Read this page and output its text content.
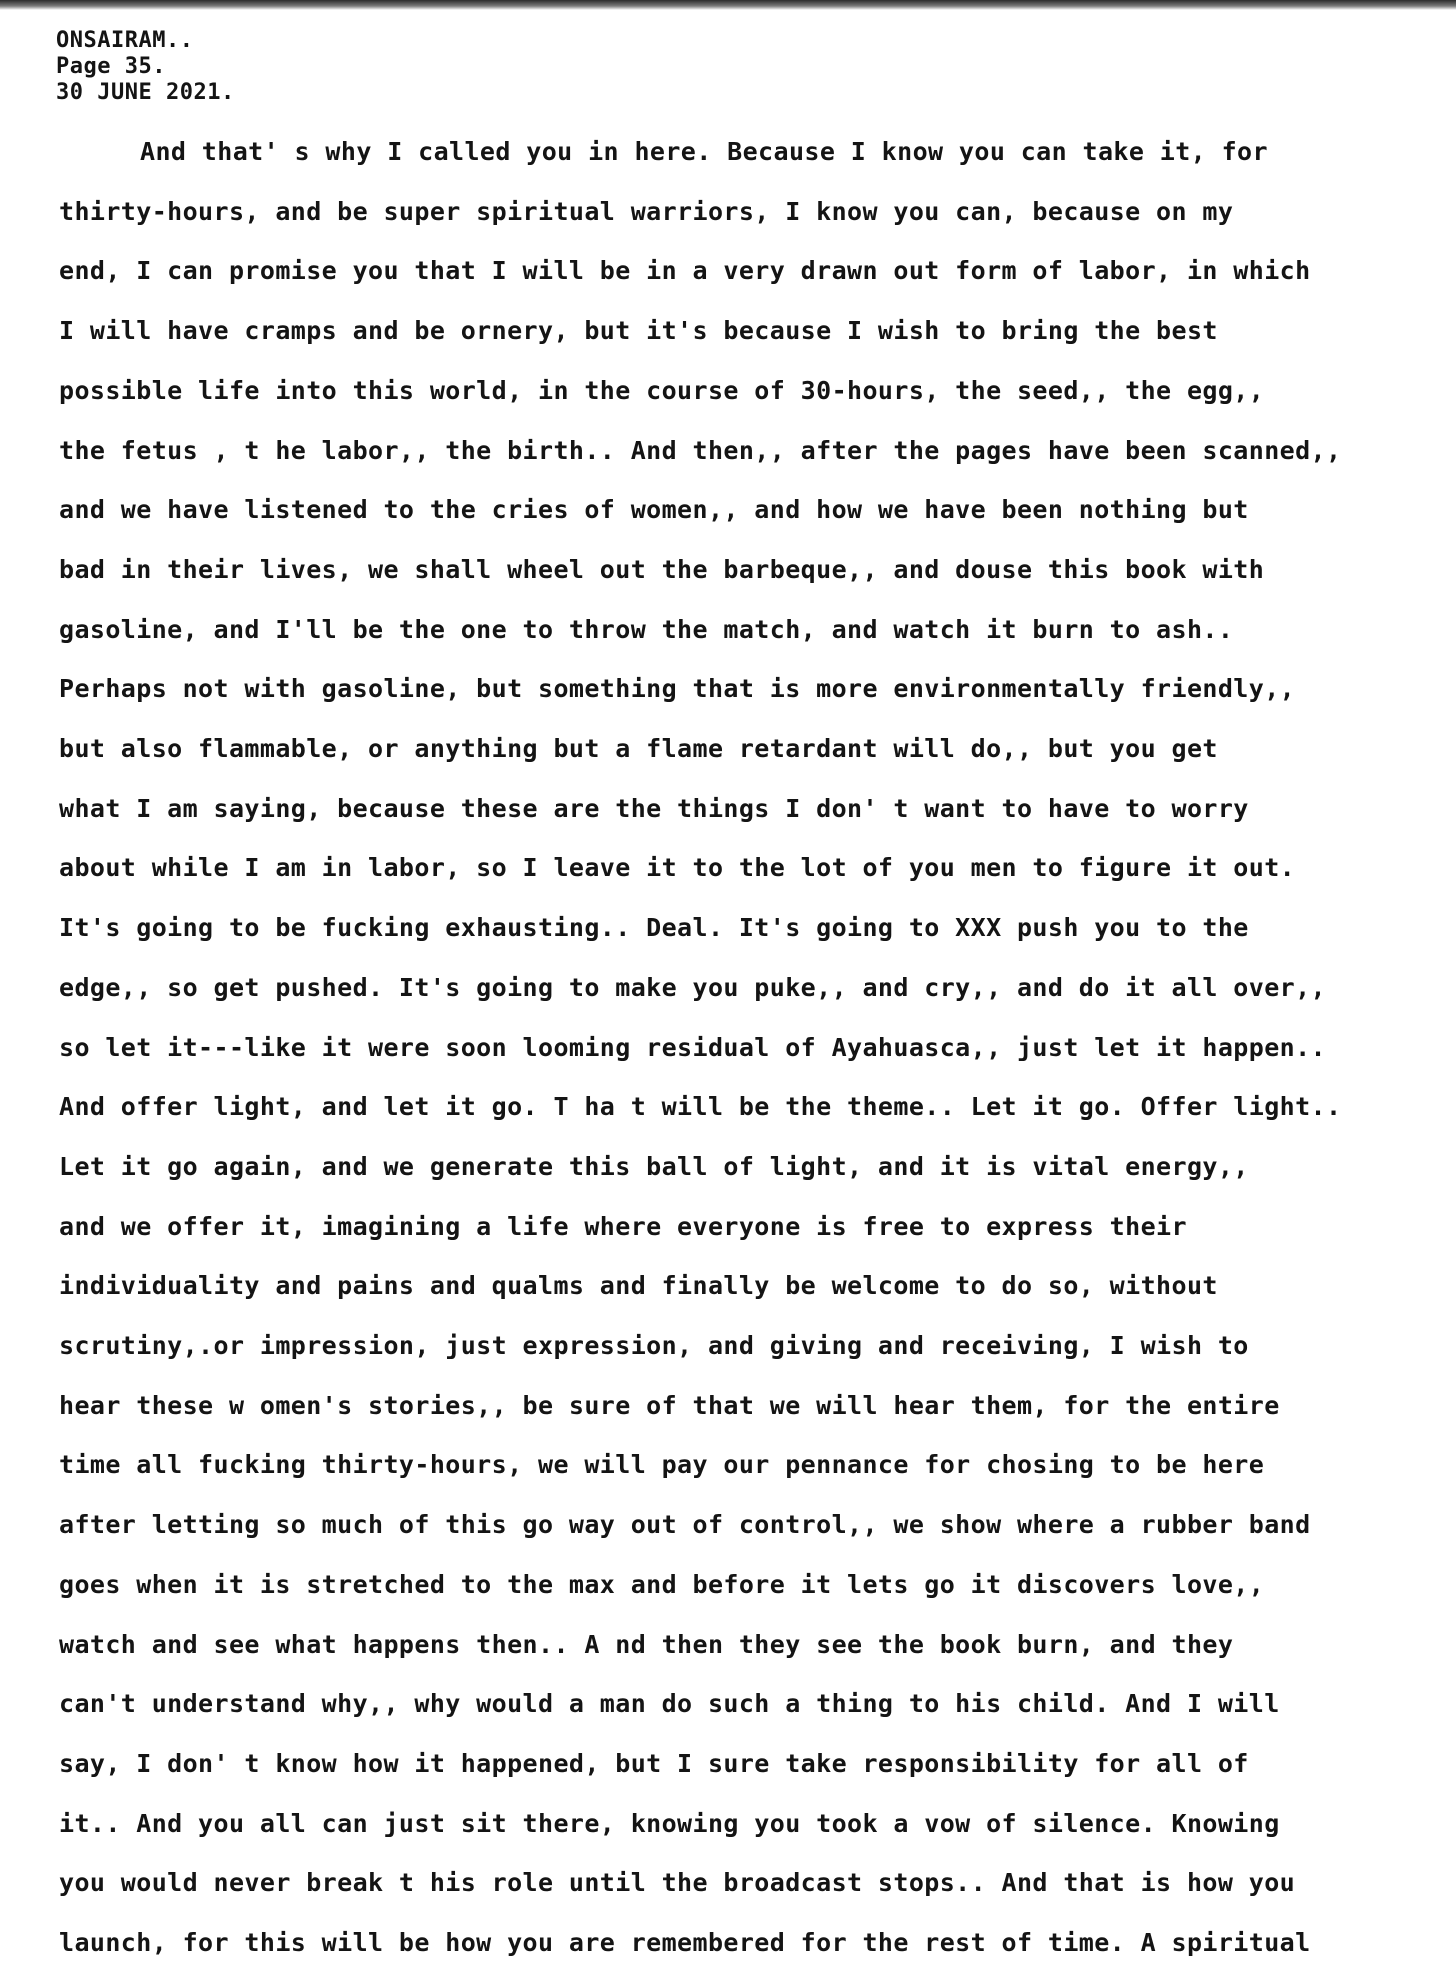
ONSAIRAM..
Page 35.
30 JUNE 2021.
And that' s why I called you in here. Because I know you can take it, for
thirty-hours, and be super spiritual warriors, I know you can, because on my
end, I can promise you that I will be in a very drawn out form of labor, in which
I will have cramps and be ornery, but it's because I wish to bring the best
possible life into this world, in the course of 30-hours, the seed,, the egg,,
the fetus , t he labor,, the birth.. And then,, after the pages have been scanned,,
and we have listened to the cries of women,, and how we have been nothing but
bad in their lives, we shall wheel out the barbeque,, and douse this book with
gasoline, and I'll be the one to throw the match, and watch it burn to ash..
Perhaps not with gasoline, but something that is more environmentally friendly,,
but also flammable, or anything but a flame retardant will do,, but you get
what I am saying, because these are the things I don' t want to have to worry
about while I am in labor, so I leave it to the lot of you men to figure it out.
It's going to be fucking exhausting.. Deal. It's going to XXX push you to the
edge,, so get pushed. It's going to make you puke,, and cry,, and do it all over,,
so let it---like it were soon looming residual of Ayahuasca,, just let it happen..
And offer light, and let it go. T ha t will be the theme.. Let it go. Offer light..
Let it go again, and we generate this ball of light, and it is vital energy,,
and we offer it, imagining a life where everyone is free to express their
individuality and pains and qualms and finally be welcome to do so, without
scrutiny,.or impression, just expression, and giving and receiving, I wish to
hear these w omen's stories,, be sure of that we will hear them, for the entire
time all fucking thirty-hours, we will pay our pennance for chosing to be here
after letting so much of this go way out of control,, we show where a rubber band
goes when it is stretched to the max and before it lets go it discovers love,,
watch and see what happens then.. A nd then they see the book burn, and they
can't understand why,, why would a man do such a thing to his child. And I will
say, I don' t know how it happened, but I sure take responsibility for all of
it.. And you all can just sit there, knowing you took a vow of silence. Knowing
you would never break t his role until the broadcast stops.. And that is how you
launch, for this will be how you are remembered for the rest of time. A spiritual
